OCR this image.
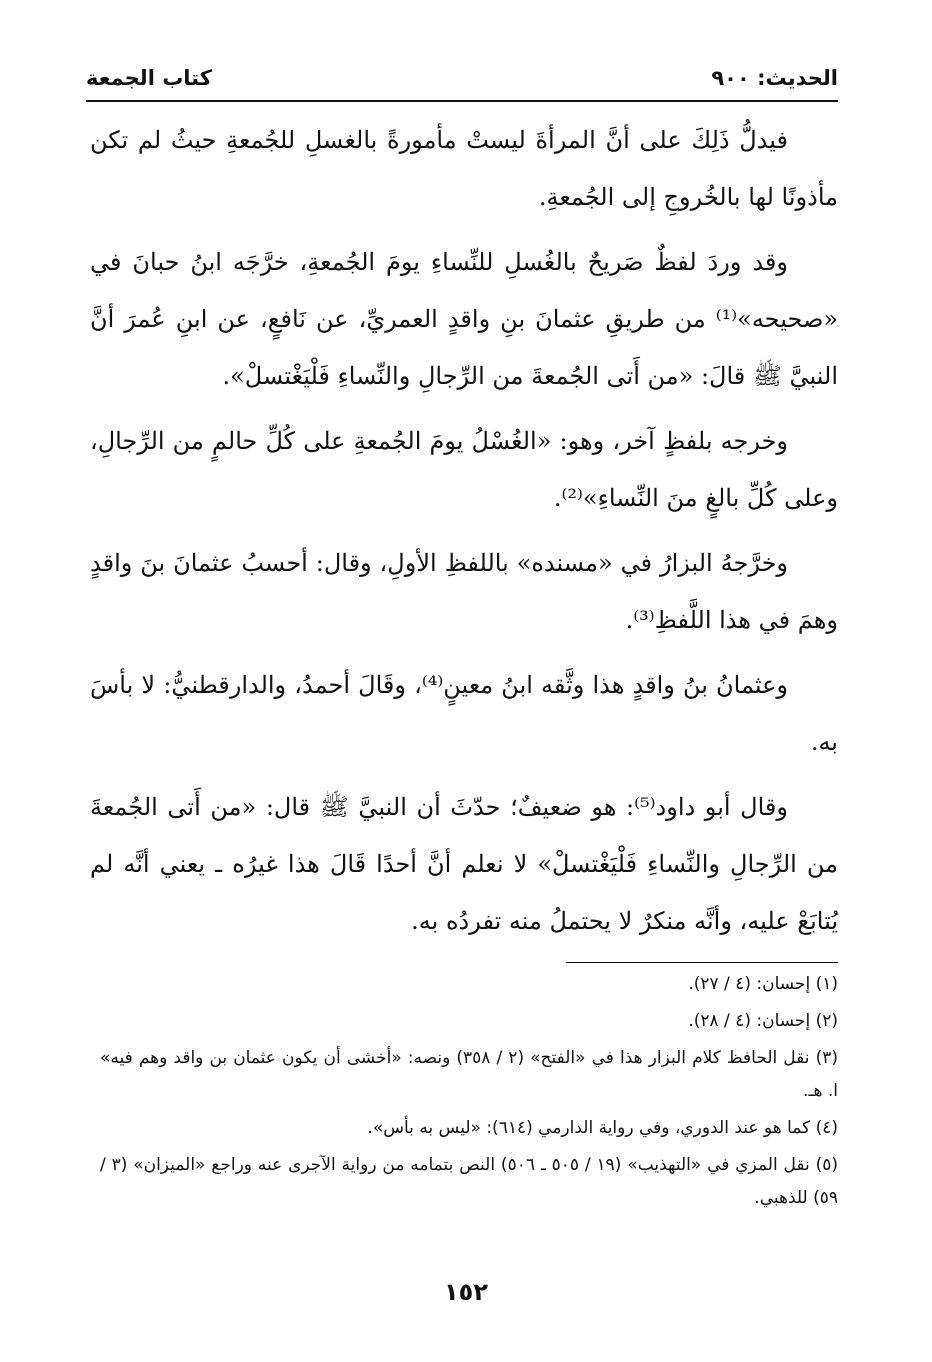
الحديث: ٩٠٠
كتاب الجمعة

فيدلُّ ذَلِكَ على أنَّ المرأةَ ليستْ مأمورةً بالغسلِ للجُمعةِ حيثُ لم تكن مأذونًا لها بالخُروجِ إلى الجُمعةِ.

وقد وردَ لفظٌ صَريحٌ بالغُسلِ للنِّساءِ يومَ الجُمعةِ، خرَّجَه ابنُ حبانَ في «صحيحه»⁽¹⁾ من طريقِ عثمانَ بنِ واقدٍ العمريِّ، عن نَافعٍ، عن ابنِ عُمرَ أنَّ النبيَّ ﷺ قالَ: «من أَتى الجُمعةَ من الرِّجالِ والنِّساءِ فَلْيَغْتسلْ».

وخرجه بلفظٍ آخر، وهو: «الغُسْلُ يومَ الجُمعةِ على كُلِّ حالمٍ من الرِّجالِ، وعلى كُلِّ بالغٍ منَ النِّساءِ»⁽²⁾.

وخرَّجهُ البزارُ في «مسنده» باللفظِ الأولِ، وقال: أحسبُ عثمانَ بنَ واقدٍ وهمَ في هذا اللَّفظِ⁽³⁾.

وعثمانُ بنُ واقدٍ هذا وثَّقه ابنُ معينٍ⁽⁴⁾، وقَالَ أحمدُ، والدارقطنيُّ: لا بأسَ به.

وقال أبو داود⁽⁵⁾: هو ضعيفٌ؛ حدّثَ أن النبيَّ ﷺ قال: «من أَتى الجُمعةَ من الرِّجالِ والنِّساءِ فَلْيَغْتسلْ» لا نعلم أنَّ أحدًا قَالَ هذا غيرُه ـ يعني أنَّه لم يُتابَعْ عليه، وأنَّه منكرٌ لا يحتملُ منه تفردُه به.

(١) إحسان: (٤ / ٢٧).
(٢) إحسان: (٤ / ٢٨).
(٣) نقل الحافظ كلام البزار هذا في «الفتح» (٢ / ٣٥٨) ونصه: «أخشى أن يكون عثمان بن واقد وهم فيه» ا. هـ.
(٤) كما هو عند الدوري، وفي رواية الدارمي (٦١٤): «ليس به بأس».
(٥) نقل المزي في «التهذيب» (١٩ / ٥٠٥ ـ ٥٠٦) النص بتمامه من رواية الآجرى عنه وراجع «الميزان» (٣ / ٥٩) للذهبي.
١٥٢
